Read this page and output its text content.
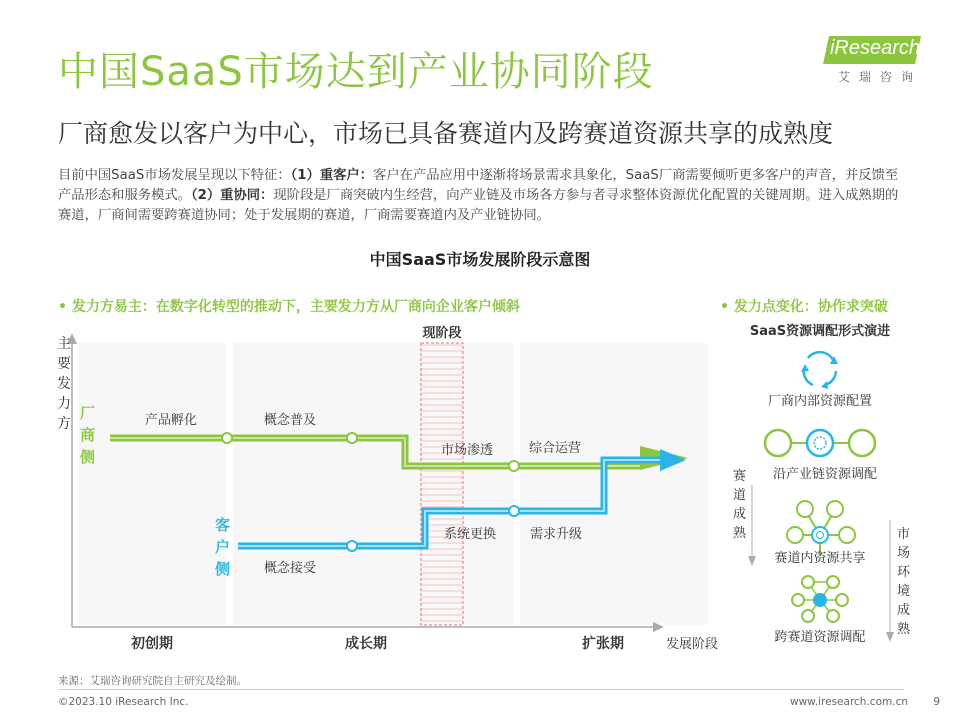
中国SaaS市场达到产业协同阶段
iResearch
艾瑞咨询
厂商愈发以客户为中心，市场已具备赛道内及跨赛道资源共享的成熟度
目前中国SaaS市场发展呈现以下特征：（1）重客户：客户在产品应用中逐渐将场景需求具象化，SaaS厂商需要倾听更多客户的声音，并反馈至产品形态和服务模式。（2）重协同：现阶段是厂商突破内生经营，向产业链及市场各方参与者寻求整体资源优化配置的关键周期。进入成熟期的赛道，厂商间需要跨赛道协同；处于发展期的赛道，厂商需要赛道内及产业链协同。
中国SaaS市场发展阶段示意图
• 发力方易主：在数字化转型的推动下，主要发力方从厂商向企业客户倾斜	• 发力点变化：协作求突破
现阶段
主
要
发
力
方
厂
商
侧
客
户
侧
产品孵化	概念普及
市场渗透	综合运营
概念接受
系统更换	需求升级
初创期	成长期	扩张期	发展阶段
SaaS资源调配形式演进
厂商内部资源配置
沿产业链资源调配
赛道内资源共享
跨赛道资源调配
赛
道
成
熟	市
场
环
境
成
熟
来源：艾瑞咨询研究院自主研究及绘制。
©2023.10 iResearch Inc.	www.iresearch.com.cn 9
